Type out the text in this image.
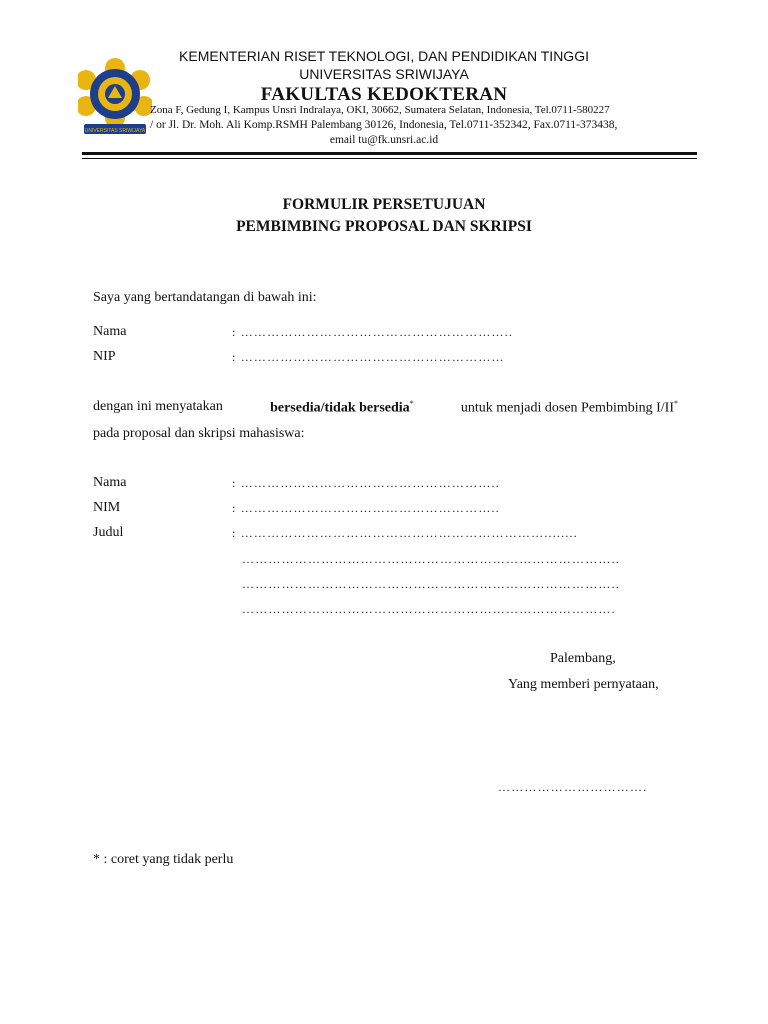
UNIVERSITAS SRIWIJAYA
KEMENTERIAN RISET TEKNOLOGI, DAN PENDIDIKAN TINGGI
UNIVERSITAS SRIWIJAYA
FAKULTAS KEDOKTERAN
Zona F, Gedung I, Kampus Unsri Indralaya, OKI, 30662, Sumatera Selatan, Indonesia, Tel.0711-580227
/ or Jl. Dr. Moh. Ali Komp.RSMH Palembang 30126, Indonesia, Tel.0711-352342, Fax.0711-373438,
email tu@fk.unsri.ac.id
FORMULIR PERSETUJUAN
PEMBIMBING PROPOSAL DAN SKRIPSI
Saya yang bertandatangan di bawah ini:
Nama	: ……………………………………………………..
NIP	: ……………………………………………………
dengan ini menyatakan	bersedia/tidak bersedia*	untuk menjadi dosen Pembimbing I/II*
pada proposal dan skripsi mahasiswa:
Nama	: …………………………………………………..
NIM	: …………………………………………………..
Judul	: ……………………………………………………………........
…………………………………………………………………………..
…………………………………………………………………………..
………………………………………………………………………….
Palembang,
Yang memberi pernyataan,
…………………………….
* : coret yang tidak perlu
